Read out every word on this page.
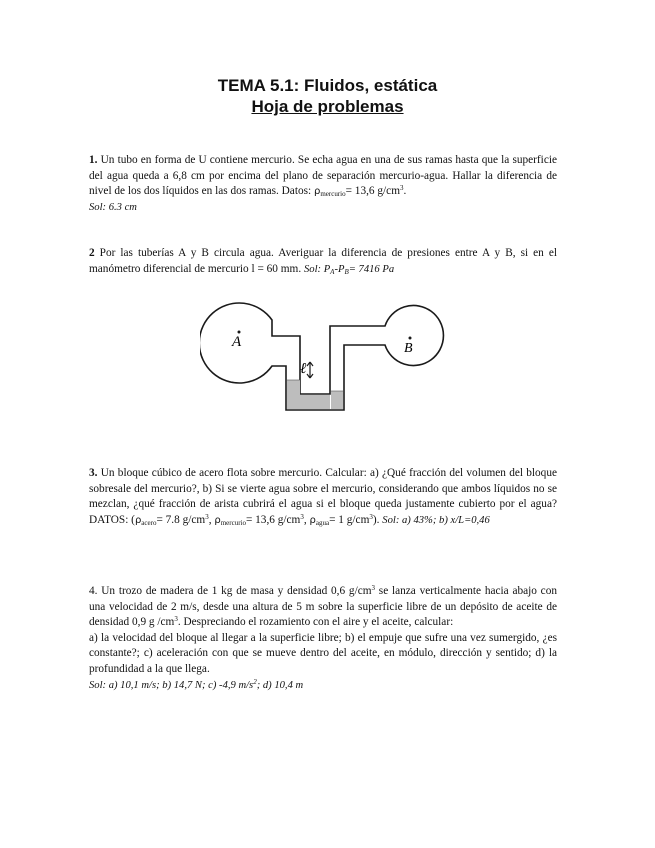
TEMA 5.1: Fluidos, estática
Hoja de problemas

1. Un tubo en forma de U contiene mercurio. Se echa agua en una de sus ramas hasta que la superficie del agua queda a 6,8 cm por encima del plano de separación mercurio-agua. Hallar la diferencia de nivel de los dos líquidos en las dos ramas. Datos: $\rho_{mercurio}= 13,6$ $g/cm^3$.

Sol: 6.3 cm

2 Por las tuberías A y B circula agua. Averiguar la diferencia de presiones entre A y B, si en el manómetro diferencial de mercurio l = 60 mm. Sol: $P_A-P_B= 7416$ Pa

ℓ
A	B

3. Un bloque cúbico de acero flota sobre mercurio. Calcular: a) ¿Qué fracción del volumen del bloque sobresale del mercurio?, b) Si se vierte agua sobre el mercurio, considerando que ambos líquidos no se mezclan, ¿qué fracción de arista cubrirá el agua si el bloque queda justamente cubierto por el agua? DATOS: ($\rho_{acero}= 7.8$ $g/cm^3$, $\rho_{mercurio}= 13,6$ $g/cm^3$, $\rho_{agua}= 1$ $g/cm^3$). Sol: a) 43%; b) x/L=0,46

4. Un trozo de madera de 1 kg de masa y densidad 0,6 $g/cm^3$ se lanza verticalmente hacia abajo con una velocidad de 2 m/s, desde una altura de 5 m sobre la superficie libre de un depósito de aceite de densidad 0,9 g $/cm^3$. Despreciando el rozamiento con el aire y el aceite, calcular:

a) la velocidad del bloque al llegar a la superficie libre; b) el empuje que sufre una vez sumergido, ¿es constante?; c) aceleración con que se mueve dentro del aceite, en módulo, dirección y sentido; d) la profundidad a la que llega.

Sol: a) 10,1 m/s; b) 14,7 N; c) -4,9 $m/s^2$; d) 10,4 m
